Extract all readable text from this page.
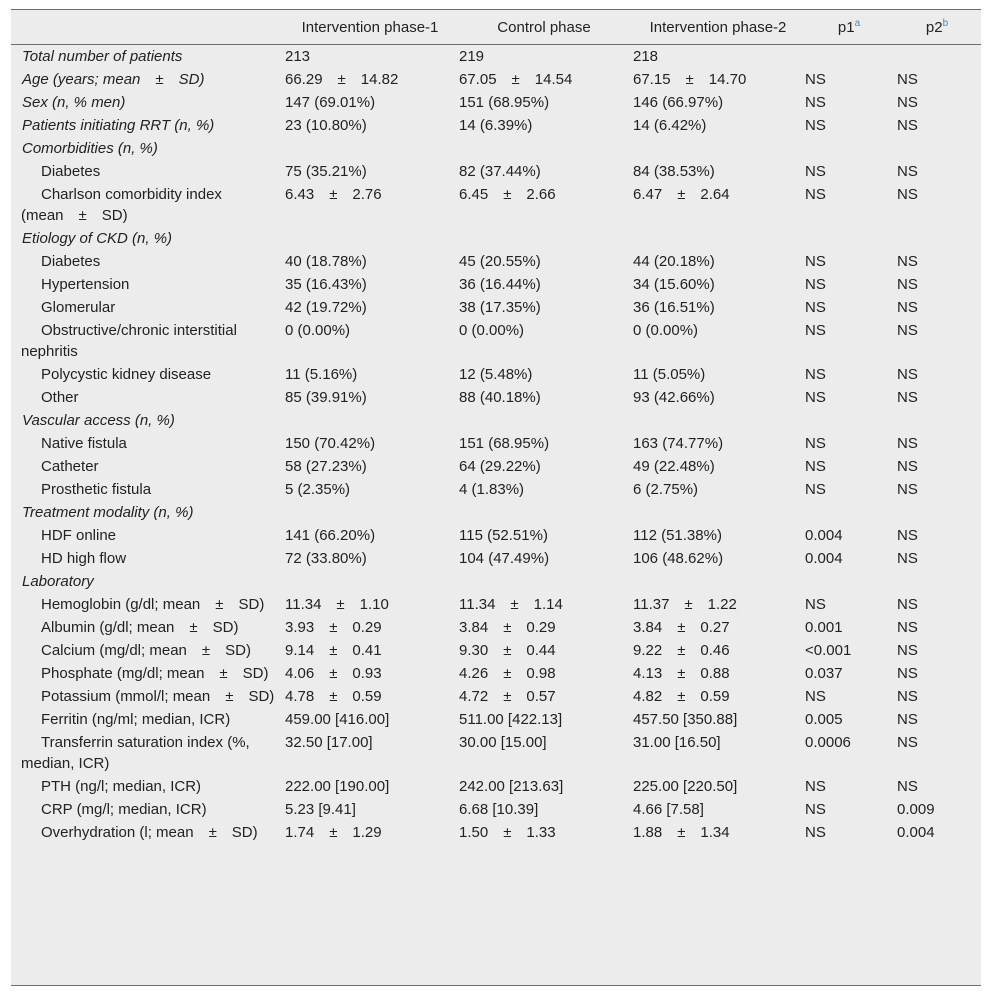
	Intervention phase-1	Control phase	Intervention phase-2	p1$^a$	p2$^b$
Total number of patients	213	219	218		
Age (years; mean ± SD)	66.29 ± 14.82	67.05 ± 14.54	67.15 ± 14.70	NS	NS
Sex (n, % men)	147 (69.01%)	151 (68.95%)	146 (66.97%)	NS	NS
Patients initiating RRT (n, %)	23 (10.80%)	14 (6.39%)	14 (6.42%)	NS	NS
Comorbidities (n, %)					
Diabetes	75 (35.21%)	82 (37.44%)	84 (38.53%)	NS	NS
Charlson comorbidity index (mean ± SD)	6.43 ± 2.76	6.45 ± 2.66	6.47 ± 2.64	NS	NS
Etiology of CKD (n, %)					
Diabetes	40 (18.78%)	45 (20.55%)	44 (20.18%)	NS	NS
Hypertension	35 (16.43%)	36 (16.44%)	34 (15.60%)	NS	NS
Glomerular	42 (19.72%)	38 (17.35%)	36 (16.51%)	NS	NS
Obstructive/chronic interstitial nephritis	0 (0.00%)	0 (0.00%)	0 (0.00%)	NS	NS
Polycystic kidney disease	11 (5.16%)	12 (5.48%)	11 (5.05%)	NS	NS
Other	85 (39.91%)	88 (40.18%)	93 (42.66%)	NS	NS
Vascular access (n, %)					
Native fistula	150 (70.42%)	151 (68.95%)	163 (74.77%)	NS	NS
Catheter	58 (27.23%)	64 (29.22%)	49 (22.48%)	NS	NS
Prosthetic fistula	5 (2.35%)	4 (1.83%)	6 (2.75%)	NS	NS
Treatment modality (n, %)					
HDF online	141 (66.20%)	115 (52.51%)	112 (51.38%)	0.004	NS
HD high flow	72 (33.80%)	104 (47.49%)	106 (48.62%)	0.004	NS
Laboratory					
Hemoglobin (g/dl; mean ± SD)	11.34 ± 1.10	11.34 ± 1.14	11.37 ± 1.22	NS	NS
Albumin (g/dl; mean ± SD)	3.93 ± 0.29	3.84 ± 0.29	3.84 ± 0.27	0.001	NS
Calcium (mg/dl; mean ± SD)	9.14 ± 0.41	9.30 ± 0.44	9.22 ± 0.46	<0.001	NS
Phosphate (mg/dl; mean ± SD)	4.06 ± 0.93	4.26 ± 0.98	4.13 ± 0.88	0.037	NS
Potassium (mmol/l; mean ± SD)	4.78 ± 0.59	4.72 ± 0.57	4.82 ± 0.59	NS	NS
Ferritin (ng/ml; median, ICR)	459.00 [416.00]	511.00 [422.13]	457.50 [350.88]	0.005	NS
Transferrin saturation index (%, median, ICR)	32.50 [17.00]	30.00 [15.00]	31.00 [16.50]	0.0006	NS
PTH (ng/l; median, ICR)	222.00 [190.00]	242.00 [213.63]	225.00 [220.50]	NS	NS
CRP (mg/l; median, ICR)	5.23 [9.41]	6.68 [10.39]	4.66 [7.58]	NS	0.009
Overhydration (l; mean ± SD)	1.74 ± 1.29	1.50 ± 1.33	1.88 ± 1.34	NS	0.004
